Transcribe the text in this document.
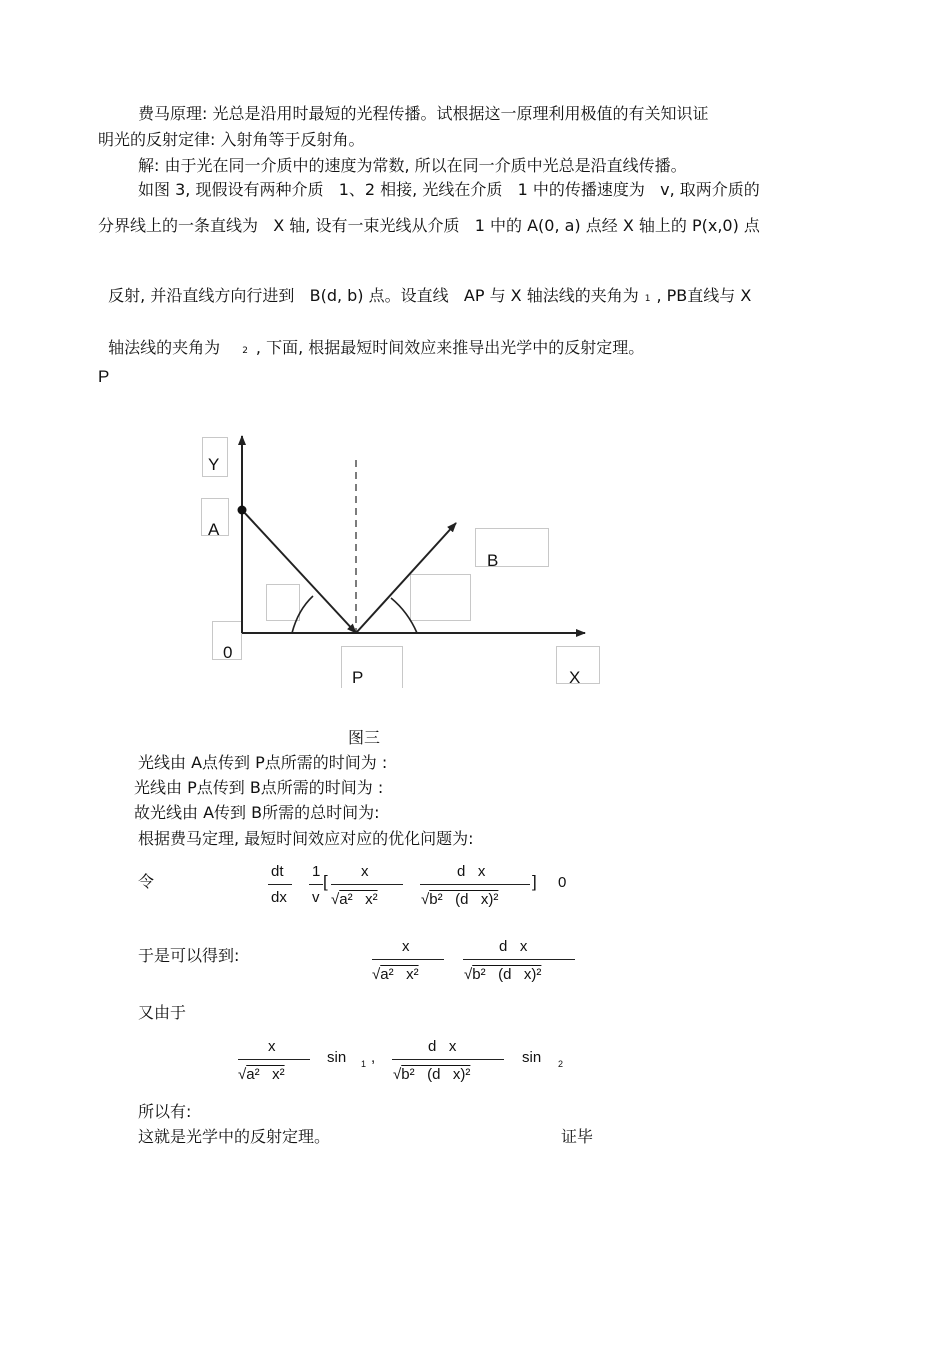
费马原理: 光总是沿用时最短的光程传播。试根据这一原理利用极值的有关知识证
明光的反射定律: 入射角等于反射角。
解: 由于光在同一介质中的速度为常数, 所以在同一介质中光总是沿直线传播。
如图 3, 现假设有两种介质   1、2 相接, 光线在介质   1 中的传播速度为   v, 取两介质的
分界线上的一条直线为   X 轴, 设有一束光线从介质   1 中的 A(0, a) 点经 X 轴上的 P(x,0) 点

反射, 并沿直线方向行进到   B(d, b) 点。设直线   AP 与 X 轴法线的夹角为 1 , PB直线与 X

轴法线的夹角为 2 , 下面, 根据最短时间效应来推导出光学中的反射定理。

P
Y
A
B
0
P	X
图三
光线由 A点传到 P点所需的时间为 :
光线由 P点传到 B点所需的时间为 :
故光线由 A传到 B所需的总时间为:
根据费马定理, 最短时间效应对应的优化问题为:
令
dt
dx
1
v
[
x
√a²   x²
d   x
√b²   (d   x)²
] 0
于是可以得到:	x
√a²   x²
d   x
√b²   (d   x)²
又由于
x
√a²   x²
sin 1 ,
d   x
√b²   (d   x)²
sin 2
所以有:
这就是光学中的反射定理。	证毕
